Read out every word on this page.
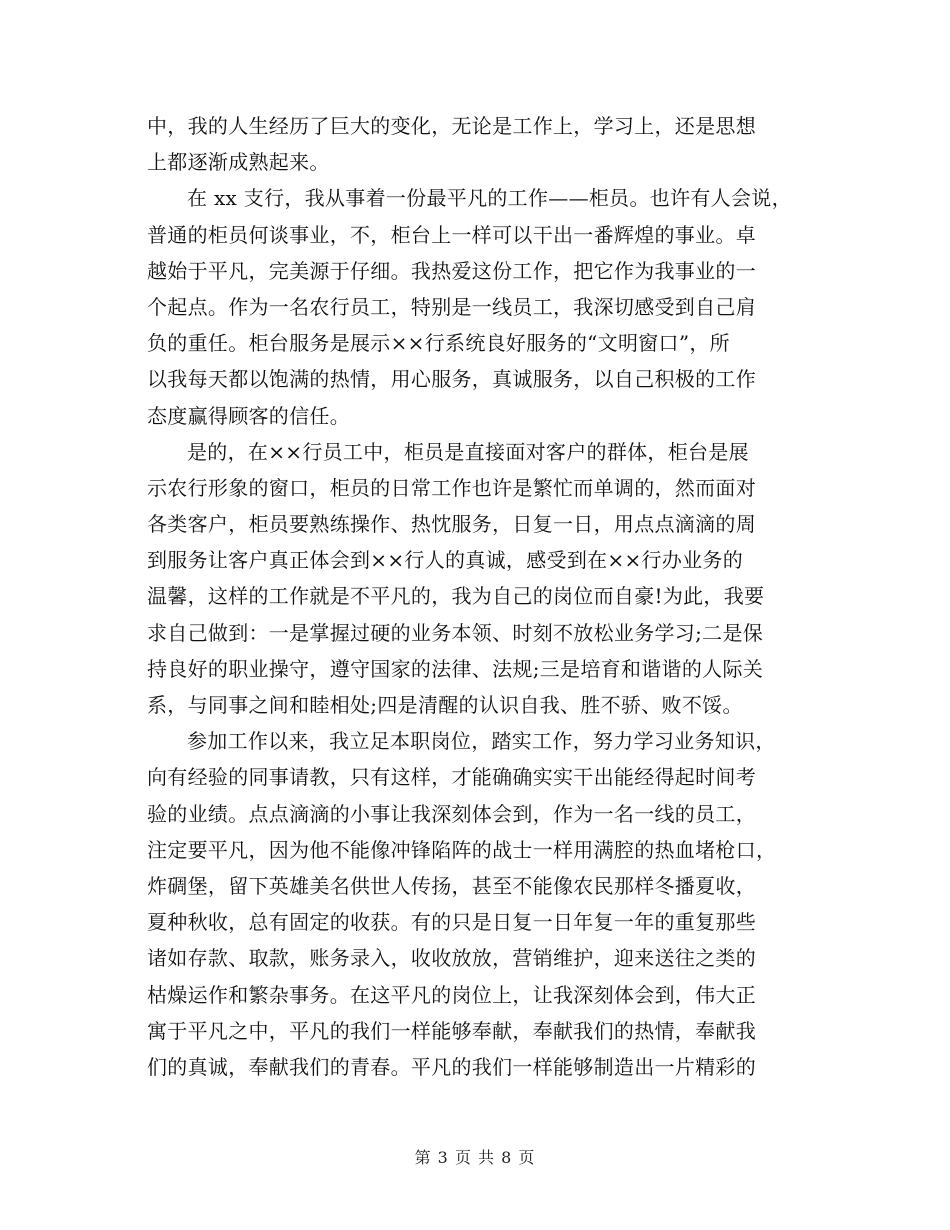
中，我的人生经历了巨大的变化，无论是工作上，学习上，还是思想
上都逐渐成熟起来。
在 xx 支行，我从事着一份最平凡的工作——柜员。也许有人会说，
普通的柜员何谈事业，不，柜台上一样可以干出一番辉煌的事业。卓
越始于平凡，完美源于仔细。我热爱这份工作，把它作为我事业的一
个起点。作为一名农行员工，特别是一线员工，我深切感受到自己肩
负的重任。柜台服务是展示××行系统良好服务的“文明窗口”，所
以我每天都以饱满的热情，用心服务，真诚服务，以自己积极的工作
态度赢得顾客的信任。
是的，在××行员工中，柜员是直接面对客户的群体，柜台是展
示农行形象的窗口，柜员的日常工作也许是繁忙而单调的，然而面对
各类客户，柜员要熟练操作、热忱服务，日复一日，用点点滴滴的周
到服务让客户真正体会到××行人的真诚，感受到在××行办业务的
温馨，这样的工作就是不平凡的，我为自己的岗位而自豪!为此，我要
求自己做到：一是掌握过硬的业务本领、时刻不放松业务学习;二是保
持良好的职业操守，遵守国家的法律、法规;三是培育和谐谐的人际关
系，与同事之间和睦相处;四是清醒的认识自我、胜不骄、败不馁。
参加工作以来，我立足本职岗位，踏实工作，努力学习业务知识，
向有经验的同事请教，只有这样，才能确确实实干出能经得起时间考
验的业绩。点点滴滴的小事让我深刻体会到，作为一名一线的员工，
注定要平凡，因为他不能像冲锋陷阵的战士一样用满腔的热血堵枪口，
炸碉堡，留下英雄美名供世人传扬，甚至不能像农民那样冬播夏收，
夏种秋收，总有固定的收获。有的只是日复一日年复一年的重复那些
诸如存款、取款，账务录入，收收放放，营销维护，迎来送往之类的
枯燥运作和繁杂事务。在这平凡的岗位上，让我深刻体会到，伟大正
寓于平凡之中，平凡的我们一样能够奉献，奉献我们的热情，奉献我
们的真诚，奉献我们的青春。平凡的我们一样能够制造出一片精彩的
第 3 页 共 8 页
